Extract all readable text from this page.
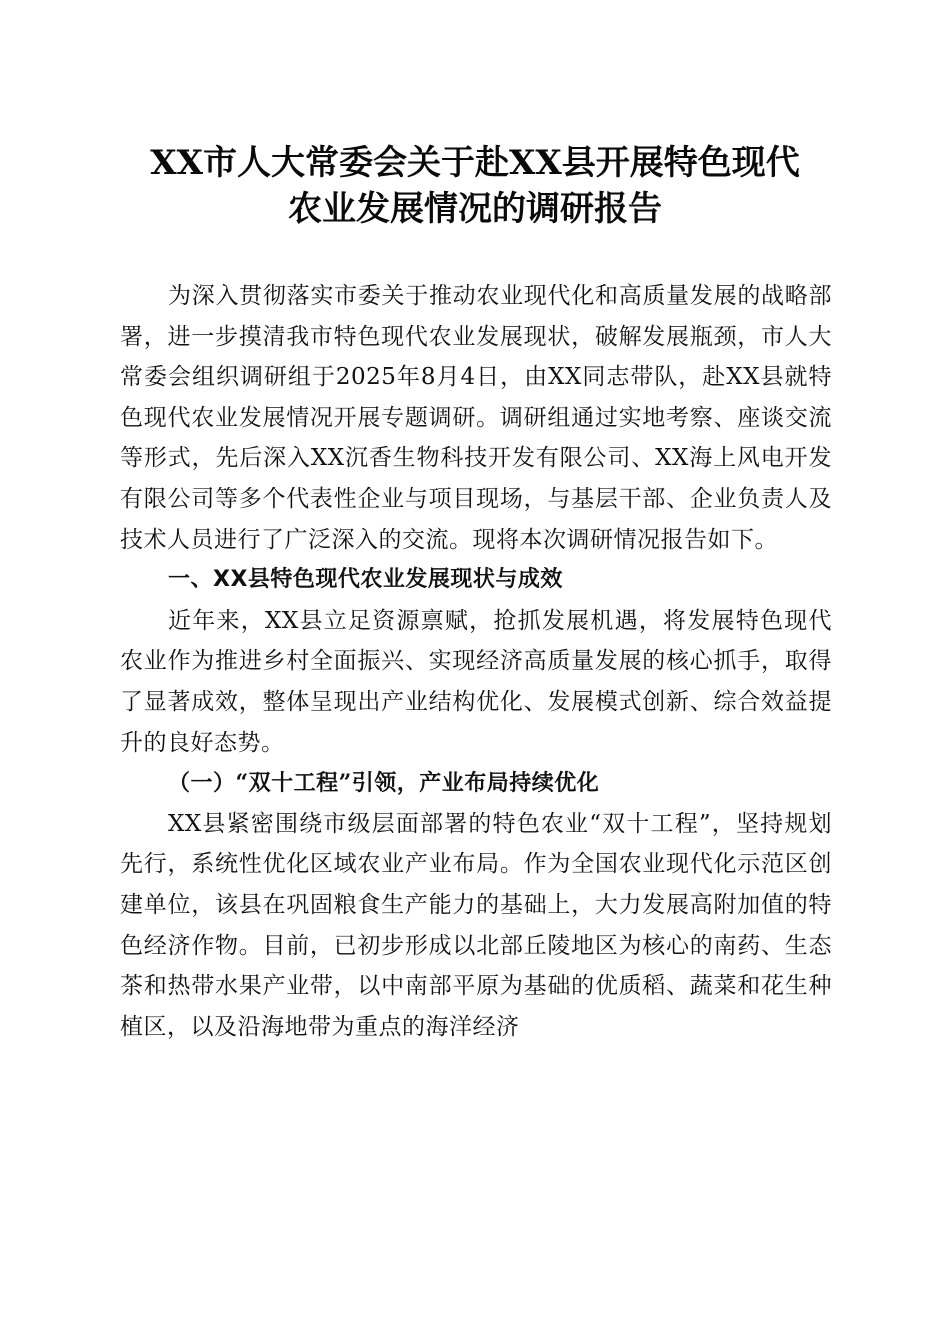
XX市人大常委会关于赴XX县开展特色现代
农业发展情况的调研报告

为深入贯彻落实市委关于推动农业现代化和高质量发展的战略部署，进一步摸清我市特色现代农业发展现状，破解发展瓶颈，市人大常委会组织调研组于2025年8月4日，由XX同志带队，赴XX县就特色现代农业发展情况开展专题调研。调研组通过实地考察、座谈交流等形式，先后深入XX沉香生物科技开发有限公司、XX海上风电开发有限公司等多个代表性企业与项目现场，与基层干部、企业负责人及技术人员进行了广泛深入的交流。现将本次调研情况报告如下。

一、XX县特色现代农业发展现状与成效

近年来，XX县立足资源禀赋，抢抓发展机遇，将发展特色现代农业作为推进乡村全面振兴、实现经济高质量发展的核心抓手，取得了显著成效，整体呈现出产业结构优化、发展模式创新、综合效益提升的良好态势。

（一）“双十工程”引领，产业布局持续优化

XX县紧密围绕市级层面部署的特色农业“双十工程”，坚持规划先行，系统性优化区域农业产业布局。作为全国农业现代化示范区创建单位，该县在巩固粮食生产能力的基础上，大力发展高附加值的特色经济作物。目前，已初步形成以北部丘陵地区为核心的南药、生态茶和热带水果产业带，以中南部平原为基础的优质稻、蔬菜和花生种植区，以及沿海地带为重点的海洋经济
